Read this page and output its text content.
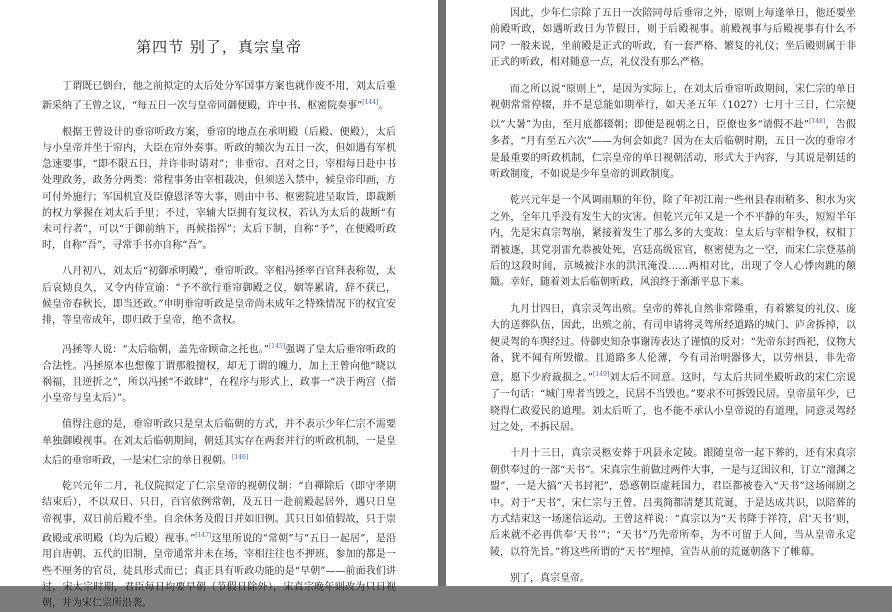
第四节 别了，真宗皇帝

丁谓既已倒台，他之前拟定的太后处分军国事方案也就作废不用，刘太后重新采纳了王曾之议，“每五日一次与皇帝同御便殿，许中书、枢密院奏事”[144]。

根据王曾设计的垂帘听政方案，垂帘的地点在承明殿（后殿、便殿），太后与小皇帝并坐于帘内，大臣在帘外奏事。听政的频次为五日一次，但如遇有军机急速要事，“即不限五日，并许非时请对”；非垂帘、召对之日，宰相每日赴中书处理政务，政务分两类：常程事务由宰相裁决，但须送入禁中，候皇帝印画，方可付外施行；军国机宜及臣僚恩泽等大事，则由中书、枢密院进呈取旨，即裁断的权力掌握在刘太后手里；不过，宰辅大臣拥有复议权，若认为太后的裁断“有未可行者”，可以“于御前纳下，再候指挥”；太后下制，自称“予”，在便殿听政时，自称“吾”，寻常手书亦自称“吾”。

八月初八，刘太后“初御承明殿”，垂帘听政。宰相冯拯率百官拜表称贺，太后哀恸良久，又令内侍宣谕：“予不欲行垂帘御殿之仪，姻等累请，辞不获已，候皇帝春秋长，即当还政。”申明垂帘听政是皇帝尚未成年之特殊情况下的权宜安排，等皇帝成年，即归政于皇帝，绝不贪权。

冯拯等人说：“太后临朝，盖先帝顾命之托也。”[145]强调了皇太后垂帘听政的合法性。冯拯原本也想像丁谓那般擅权，却无丁谓的魄力，加上王曾向他“晓以祸福，且逆折之”，所以冯拯“不敢肆”，在程序与形式上，政事一“决于两宫（指小皇帝与皇太后）”。

值得注意的是，垂帘听政只是皇太后临朝的方式，并不表示少年仁宗不需要单独御殿视事。在刘太后临朝期间，朝廷其实存在两套并行的听政机制，一是皇太后的垂帘听政，一是宋仁宗的单日视朝。[146]

乾兴元年二月，礼仪院拟定了仁宗皇帝的视朝仪制：“自禪除后（即守孝期结束后），不以双日、只日，百官依例常朝，及五日一赴前殿起居外，遇只日皇帝视事，双日前后殿不坐。自余休务及假日并如旧例。其只日如值假故，只于崇政殿或承明殿（均为后殿）视事。”[147]这里所说的“常朝”与“五日一起居”，是沿用自唐朝、五代的旧制，皇帝通常并未在场，宰相往往也不押班，参加的都是一些不厘务的官员，徒具形式而已；真正具有听政功能的是“早朝”——前面我们讲过，宋太宗时期，君臣每日均要早朝（节假日除外），宋真宗晚年则改为只日视朝，并为宋仁宗所沿袭。

因此，少年仁宗除了五日一次陪同母后垂帘之外，原则上每逢单日，他还要坐前殿听政，如遇听政日为节假日，则于后殿视事。前殿视事与后殿视事有什么不同？一般来说，坐前殿是正式的听政，有一套严格、繁复的礼仪；坐后殿则属于非正式的听政，相对随意一点，礼仪没有那么严格。

而之所以说“原则上”，是因为实际上，在刘太后垂帘听政期间，宋仁宗的单日视朝常常停辍，并不是总能如期举行，如天圣五年（1027）七月十三日，仁宗便以“大暑”为由，至月底都辍朝；即便是视朝之日，臣僚也多“请假不赴”[148]，告假多者，“月有至五六次”——为何会如此？因为在太后临朝时期，五日一次的垂帘才是最重要的听政机制，仁宗皇帝的单日视朝活动，形式大于内容，与其说是朝廷的听政制度，不如说是少年皇帝的训政制度。

乾兴元年是一个风调雨顺的年份，除了年初江南一些州县春雨稍多、积水为灾之外，全年几乎没有发生大的灾害。但乾兴元年又是一个不平静的年头，短短半年内，先是宋真宗驾崩，紧接着发生了那么多的大变故：皇太后与宰相争权，权相丁谓被逐，其党羽雷允恭被处死，宫廷高级宦官，枢密使为之一空，而宋仁宗登基前后的这段时间，京城被汴水的洪汛淹没……两相对比，出现了令人心悸肉跳的颠簸。幸好，随着刘太后临朝听政，风浪终于渐渐平息下来。

九月廿四日，真宗灵驾出殡。皇帝的葬礼自然非常隆重，有着繁复的礼仪、庞大的送葬队伍，因此，出殡之前，有司申请将灵驾所经道路的城门、庐舍拆掉，以便灵驾的车舆经过。侍御史知杂事谢涛表达了谨慎的反对：“先帝东封西祀，仪物大备，犹不闻有所毁撤。且道路多人伦薄，今有司治明器侈大，以劳州县，非先帝意，愿下少府裁损之。”[149]刘太后不同意。这时，与太后共同坐殿听政的宋仁宗说了一句话：“城门卑者当毁之，民居不当毁也。”要求不可拆毁民居。皇帝虽年少，已晓得仁政爱民的道理。刘太后听了，也不能不承认小皇帝说的有道理，同意灵驾经过之处，不拆民居。

十月十三日，真宗灵柩安葬于巩县永定陵。跟随皇帝一起下葬的，还有宋真宗朝供奉过的一部“天书”。宋真宗生前做过两件大事，一是与辽国议和，订立“澶渊之盟”，一是大搞“天书封祀”，恐惑朝臣虚耗国力，君臣都被卷入“天书”这场闹剧之中。对于“天书”，宋仁宗与王曾、吕夷简都清楚其荒诞，于是达成共识，以陪葬的方式结束这一场迷信运动。王曾这样说：“真宗以为“天书降于祥符，启‘天书’则，后来就不必再供奉‘天书’”；“天书”乃先帝所奉，为不可留于人间，当从皇帝永定陵，以符先旨。”将这些所谓的“天书”埋掉，宣告从前的荒诞朝落下了帷幕。

别了，真宗皇帝。
